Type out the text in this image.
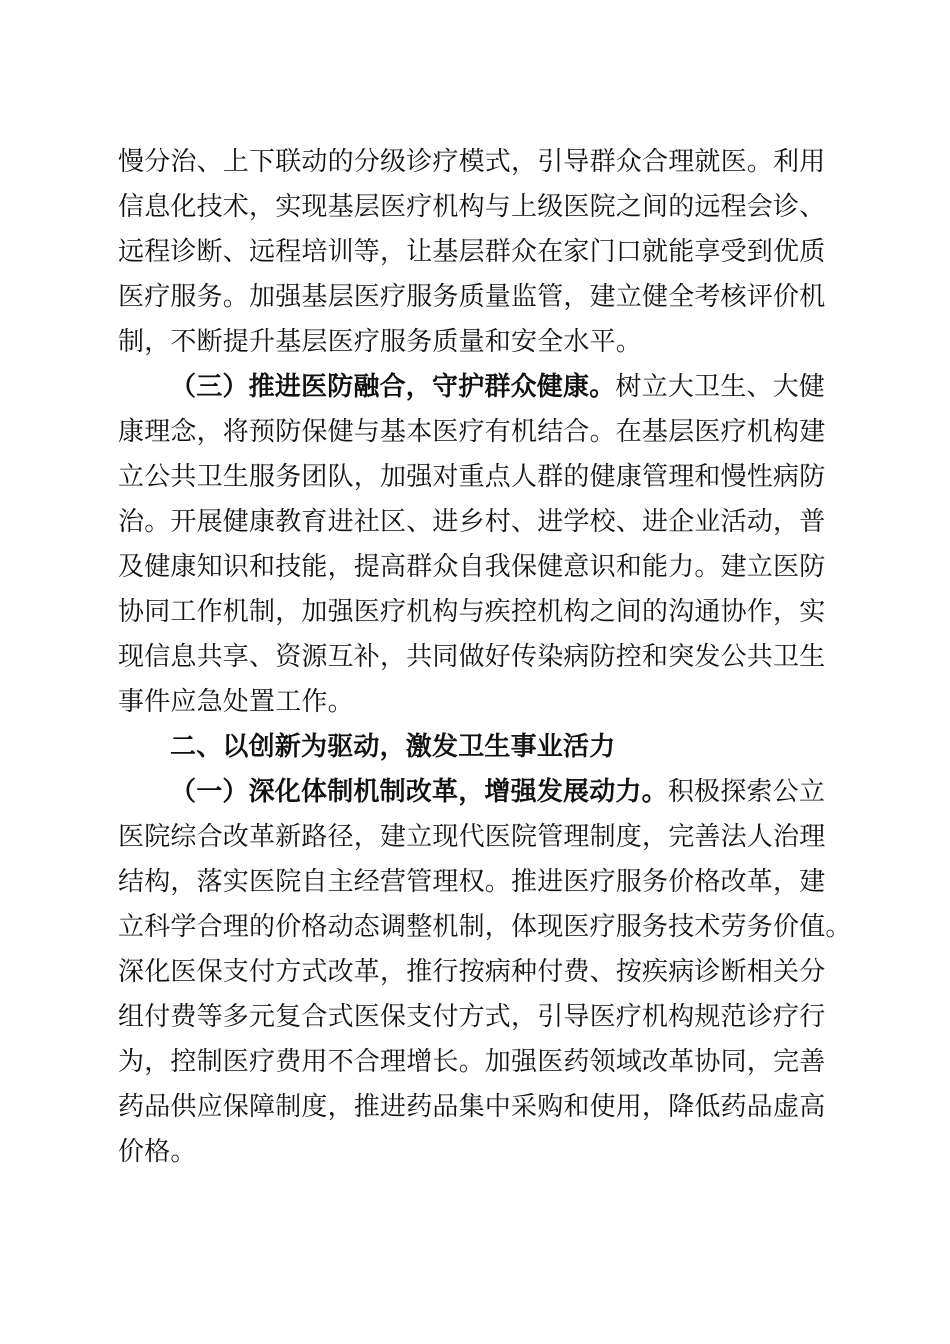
慢分治、上下联动的分级诊疗模式，引导群众合理就医。利用
信息化技术，实现基层医疗机构与上级医院之间的远程会诊、
远程诊断、远程培训等，让基层群众在家门口就能享受到优质
医疗服务。加强基层医疗服务质量监管，建立健全考核评价机
制，不断提升基层医疗服务质量和安全水平。
（三）推进医防融合，守护群众健康。树立大卫生、大健
康理念，将预防保健与基本医疗有机结合。在基层医疗机构建
立公共卫生服务团队，加强对重点人群的健康管理和慢性病防
治。开展健康教育进社区、进乡村、进学校、进企业活动，普
及健康知识和技能，提高群众自我保健意识和能力。建立医防
协同工作机制，加强医疗机构与疾控机构之间的沟通协作，实
现信息共享、资源互补，共同做好传染病防控和突发公共卫生
事件应急处置工作。
二、以创新为驱动，激发卫生事业活力
（一）深化体制机制改革，增强发展动力。积极探索公立
医院综合改革新路径，建立现代医院管理制度，完善法人治理
结构，落实医院自主经营管理权。推进医疗服务价格改革，建
立科学合理的价格动态调整机制，体现医疗服务技术劳务价值。
深化医保支付方式改革，推行按病种付费、按疾病诊断相关分
组付费等多元复合式医保支付方式，引导医疗机构规范诊疗行
为，控制医疗费用不合理增长。加强医药领域改革协同，完善
药品供应保障制度，推进药品集中采购和使用，降低药品虚高
价格。
